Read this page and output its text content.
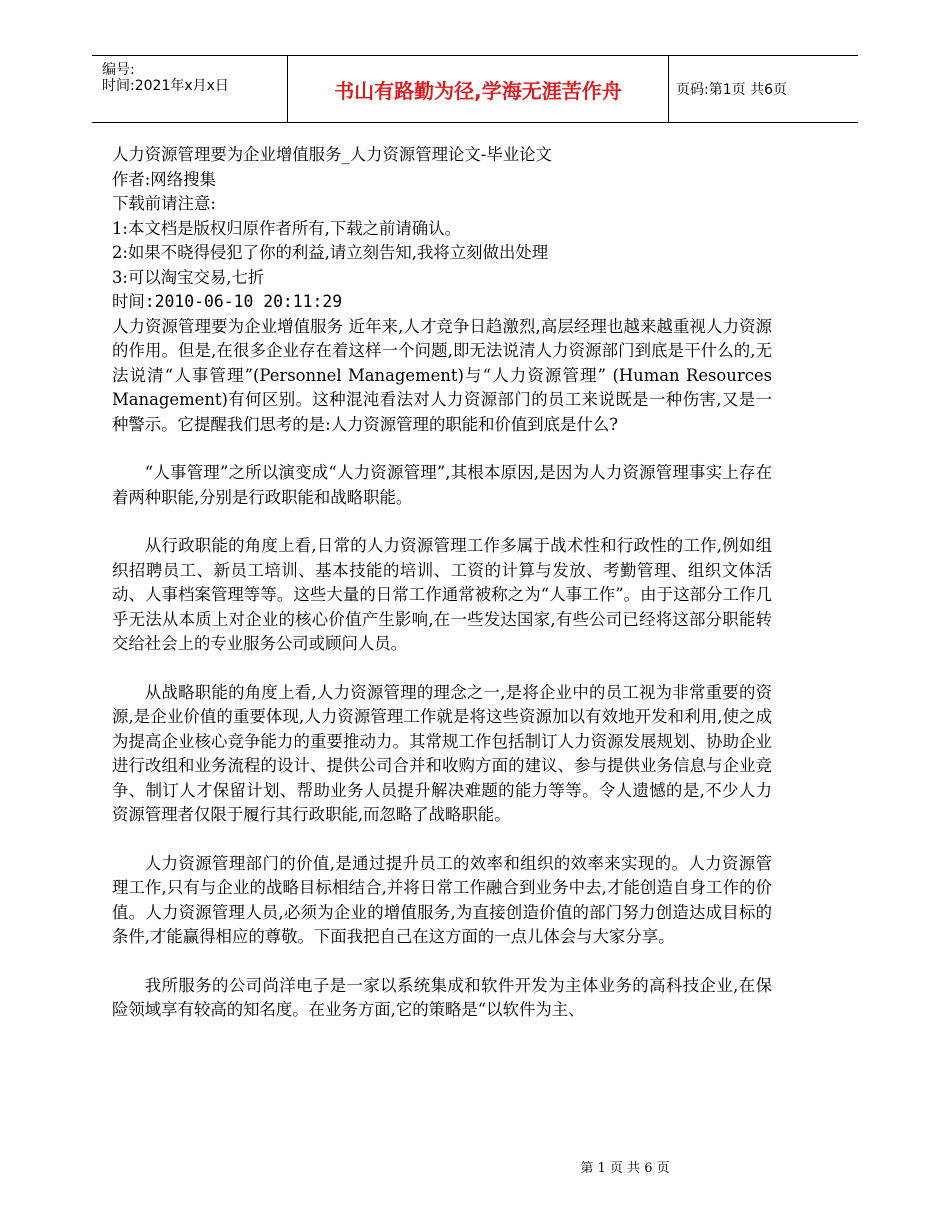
编号:
时间:2021年x月x日	书山有路勤为径,学海无涯苦作舟	页码:第1页 共6页
人力资源管理要为企业增值服务_人力资源管理论文-毕业论文
作者:网络搜集
下载前请注意:
1:本文档是版权归原作者所有,下载之前请确认。
2:如果不晓得侵犯了你的利益,请立刻告知,我将立刻做出处理
3:可以淘宝交易,七折
时间:2010-06-10 20:11:29
人力资源管理要为企业增值服务 近年来,人才竞争日趋激烈,高层经理也越来越重视人力资源的作用。但是,在很多企业存在着这样一个问题,即无法说清人力资源部门到底是干什么的,无法说清“人事管理”(Personnel Management)与“人力资源管理” (Human Resources Management)有何区别。这种混沌看法对人力资源部门的员工来说既是一种伤害,又是一种警示。它提醒我们思考的是:人力资源管理的职能和价值到底是什么?
“人事管理”之所以演变成“人力资源管理”,其根本原因,是因为人力资源管理事实上存在着两种职能,分别是行政职能和战略职能。
从行政职能的角度上看,日常的人力资源管理工作多属于战术性和行政性的工作,例如组织招聘员工、新员工培训、基本技能的培训、工资的计算与发放、考勤管理、组织文体活动、人事档案管理等等。这些大量的日常工作通常被称之为“人事工作”。由于这部分工作几乎无法从本质上对企业的核心价值产生影响,在一些发达国家,有些公司已经将这部分职能转交给社会上的专业服务公司或顾问人员。
从战略职能的角度上看,人力资源管理的理念之一,是将企业中的员工视为非常重要的资源,是企业价值的重要体现,人力资源管理工作就是将这些资源加以有效地开发和利用,使之成为提高企业核心竞争能力的重要推动力。其常规工作包括制订人力资源发展规划、协助企业进行改组和业务流程的设计、提供公司合并和收购方面的建议、参与提供业务信息与企业竞争、制订人才保留计划、帮助业务人员提升解决难题的能力等等。令人遗憾的是,不少人力资源管理者仅限于履行其行政职能,而忽略了战略职能。
人力资源管理部门的价值,是通过提升员工的效率和组织的效率来实现的。人力资源管理工作,只有与企业的战略目标相结合,并将日常工作融合到业务中去,才能创造自身工作的价值。人力资源管理人员,必须为企业的增值服务,为直接创造价值的部门努力创造达成目标的条件,才能赢得相应的尊敬。下面我把自己在这方面的一点儿体会与大家分享。
我所服务的公司尚洋电子是一家以系统集成和软件开发为主体业务的高科技企业,在保险领域享有较高的知名度。在业务方面,它的策略是“以软件为主、
第 1 页 共 6 页
